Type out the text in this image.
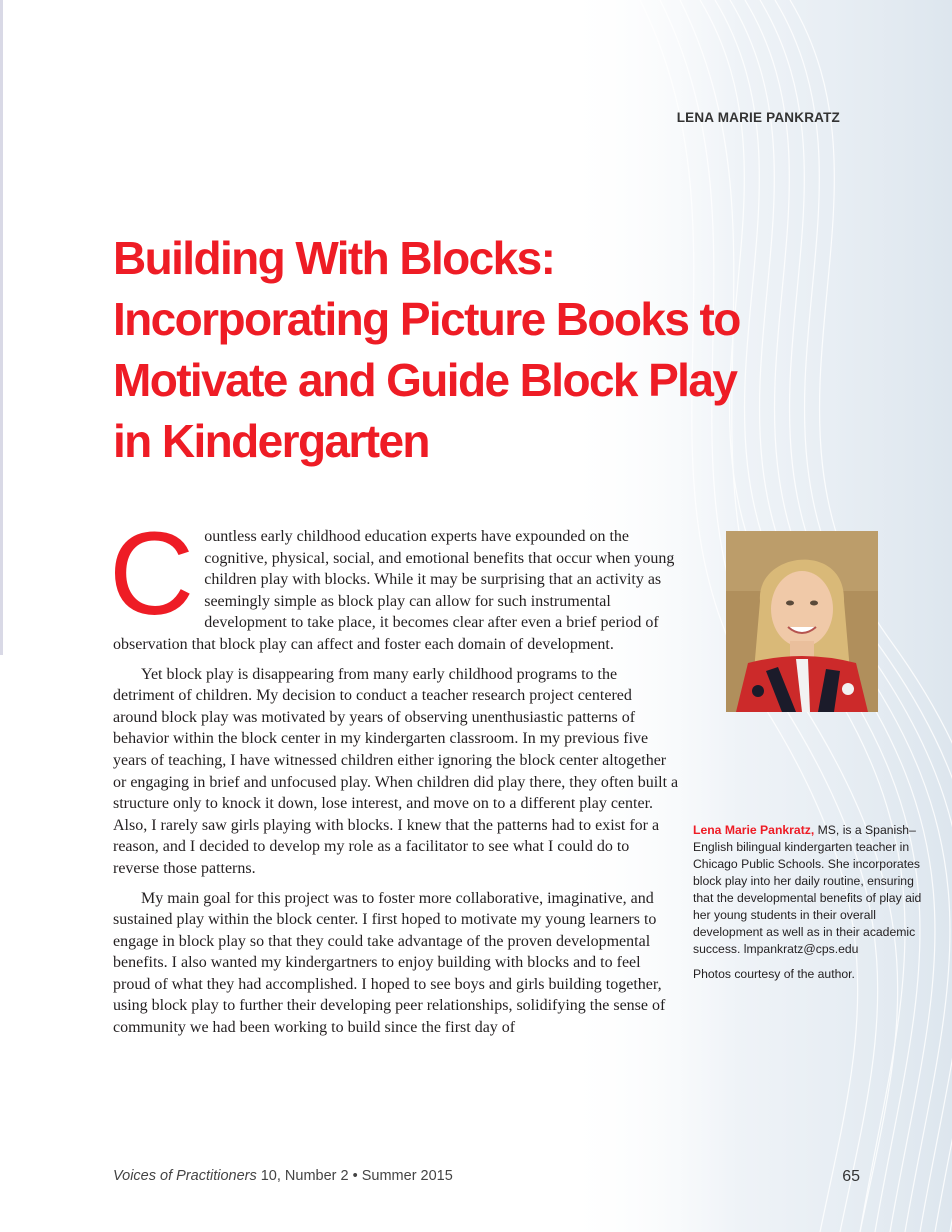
LENA MARIE PANKRATZ
Building With Blocks:
Incorporating Picture Books to
Motivate and Guide Block Play
in Kindergarten

Countless early childhood education experts have expounded on the cognitive, physical, social, and emotional benefits that occur when young children play with blocks. While it may be surprising that an activity as seemingly simple as block play can allow for such instrumental development to take place, it becomes clear after even a brief period of observation that block play can affect and foster each domain of development.

Yet block play is disappearing from many early childhood programs to the detriment of children. My decision to conduct a teacher research project centered around block play was motivated by years of observing unenthusiastic patterns of behavior within the block center in my kindergarten classroom. In my previous five years of teaching, I have witnessed children either ignoring the block center altogether or engaging in brief and unfocused play. When children did play there, they often built a structure only to knock it down, lose interest, and move on to a different play center. Also, I rarely saw girls playing with blocks. I knew that the patterns had to exist for a reason, and I decided to develop my role as a facilitator to see what I could do to reverse those patterns.

My main goal for this project was to foster more collaborative, imaginative, and sustained play within the block center. I first hoped to motivate my young learners to engage in block play so that they could take advantage of the proven developmental benefits. I also wanted my kindergartners to enjoy building with blocks and to feel proud of what they had accomplished. I hoped to see boys and girls building together, using block play to further their developing peer relationships, solidifying the sense of community we had been working to build since the first day of

Lena Marie Pankratz, MS, is a Spanish–English bilingual kindergarten teacher in Chicago Public Schools. She incorporates block play into her daily routine, ensuring that the developmental benefits of play aid her young students in their overall development as well as in their academic success. lmpankratz@cps.edu
Photos courtesy of the author.
Voices of Practitioners 10, Number 2 • Summer 2015	65
